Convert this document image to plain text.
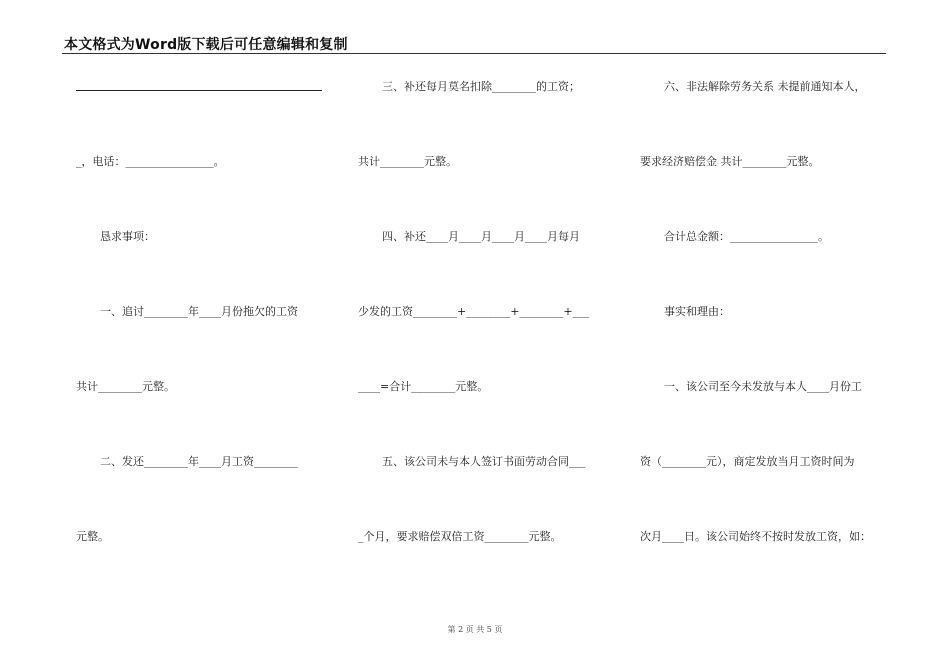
本文格式为Word版下载后可任意编辑和复制
_，电话：________________。
恳求事项：
一、追讨________年____月份拖欠的工资
共计________元整。
二、发还________年____月工资________
元整。
三、补还每月莫名扣除________的工资；
共计________元整。
四、补还____月____月____月____月每月
少发的工资________+________+________+___
____=合计________元整。
五、该公司未与本人签订书面劳动合同___
_个月，要求赔偿双倍工资________元整。
六、非法解除劳务关系 未提前通知本人，
要求经济赔偿金 共计________元整。
合计总金额：________________。
事实和理由：
一、该公司至今未发放与本人____月份工
资（________元），商定发放当月工资时间为
次月____日。该公司始终不按时发放工资，如：
第 2 页 共 5 页
